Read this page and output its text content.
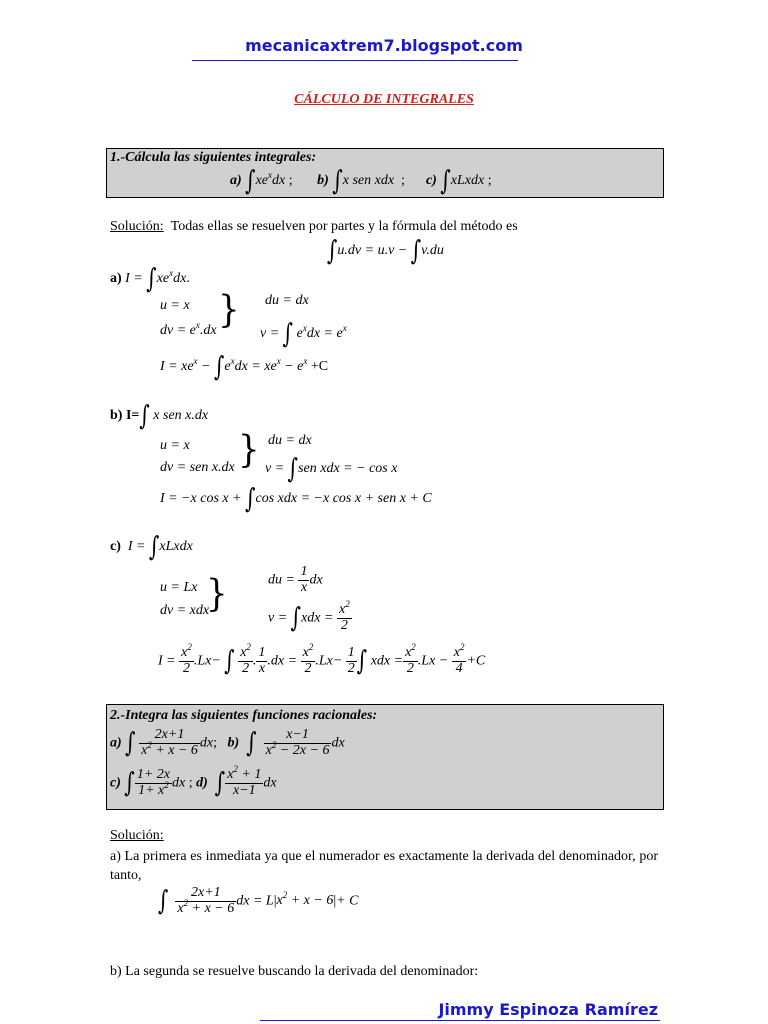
mecanicaxtrem7.blogspot.com
CÁLCULO DE INTEGRALES
1.-Cálcula las siguientes integrales:
a) $\int xe^xdx$ ;       b) ∫x sen xdx  ;      c) ∫xLxdx ;
Solución: Todas ellas se resuelven por partes y la fórmula del método es
∫u.dv = u.v − ∫v.du
a) $I = \int xe^xdx$.
u = x
dv = $e^x.dx$ } du = dx
v = ∫ $e^xdx = e^x$
$I = xe^x - \int e^xdx = xe^x - e^x +C$
b) I=∫ x sen x.dx
u = x
dv = sen x.dx } du = dx
v = ∫sen xdx = − cos x
I = −x cos x + ∫cos xdx = −x cos x + sen x + C
c) I = ∫xLxdx
du = $\frac{1}{x}$ dx
u = Lx
dv = xdx
}
$v = \int xdx = \frac{x^2}{2}$
$I = \frac{x^2}{2} .Lx-$ ∫ $\frac{x^2}{2}$ . $\frac{1}{x} .dx = \frac{x^2}{2} .Lx- \frac{1}{2}$ ∫ xdx = $\frac{x^2}{2} .Lx - \frac{x^2}{4} +C$
2.-Integra las siguientes funciones racionales:
a) ∫ $\frac{2x+1}{x^2 + x - 6}$ dx;   b) ∫ $\frac{x-1}{x^2 - 2x - 6}$ dx
c) ∫ $\frac{1+ 2x}{1+ x^2}$ dx ; d) ∫ $\frac{x^2 + 1}{x-1}$ dx
Solución:
a) La primera es inmediata ya que el numerador es exactamente la derivada del denominador, por tanto,
∫ $\frac{2x+1}{x^2 + x - 6}$ dx = $L|x^2 + x - 6|+ C$
b) La segunda se resuelve buscando la derivada del denominador:
Jimmy Espinoza Ramírez
